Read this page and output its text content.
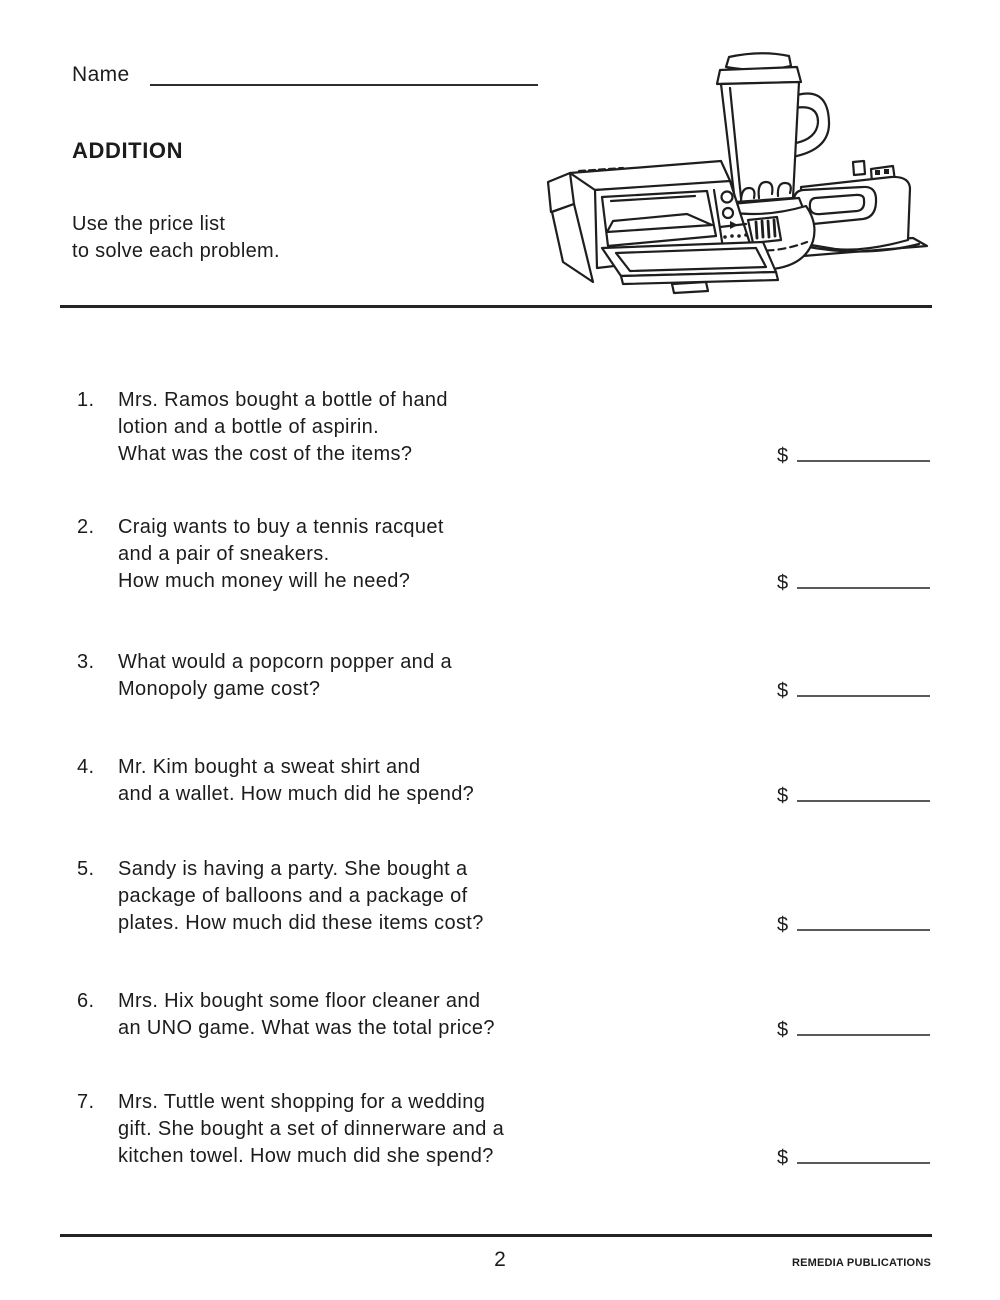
Name
ADDITION
Use the price list
to solve each problem.
1.	Mrs. Ramos bought a bottle of hand
lotion and a bottle of aspirin.
What was the cost of the items?	$
2.	Craig wants to buy a tennis racquet
and a pair of sneakers.
How much money will he need?	$
3.	What would a popcorn popper and a
Monopoly game cost?	$
4.	Mr. Kim bought a sweat shirt and
and a wallet. How much did he spend?	$
5.	Sandy is having a party. She bought a
package of balloons and a package of
plates. How much did these items cost?	$
6.	Mrs. Hix bought some floor cleaner and
an UNO game. What was the total price?	$
7.	Mrs. Tuttle went shopping for a wedding
gift. She bought a set of dinnerware and a
kitchen towel. How much did she spend?	$
2	REMEDIA PUBLICATIONS
